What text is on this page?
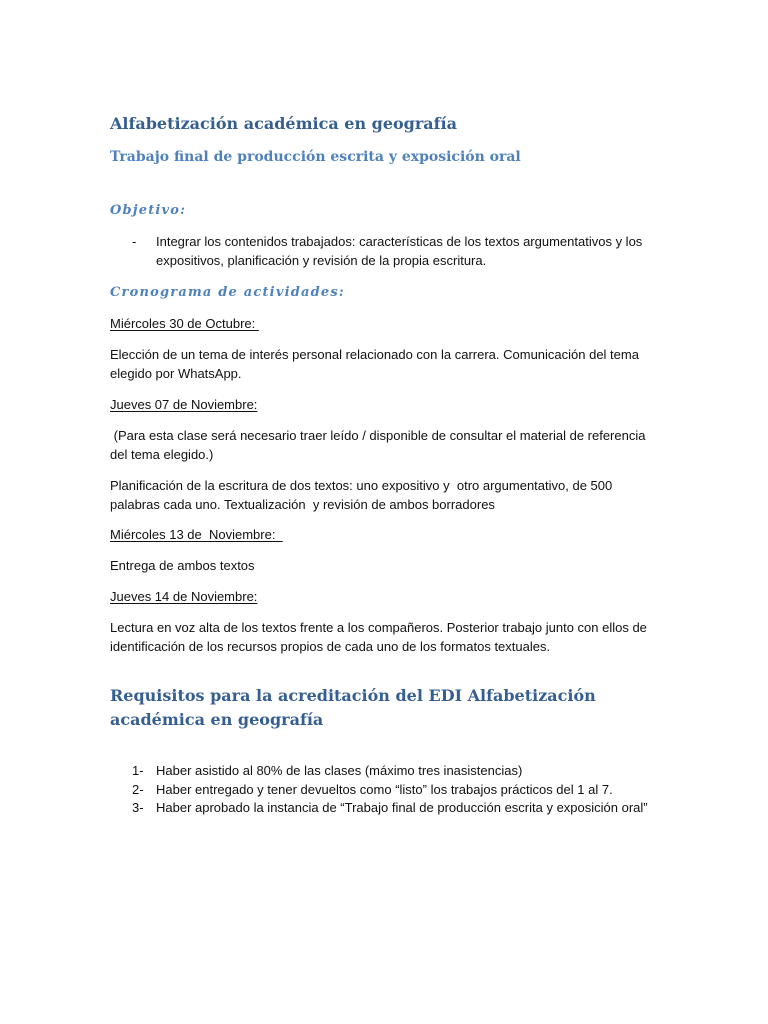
Alfabetización académica en geografía
Trabajo final de producción escrita y exposición oral
Objetivo:
- Integrar los contenidos trabajados: características de los textos argumentativos y los expositivos, planificación y revisión de la propia escritura.
Cronograma de actividades:

Miércoles 30 de Octubre:

Elección de un tema de interés personal relacionado con la carrera. Comunicación del tema elegido por WhatsApp.

Jueves 07 de Noviembre:

(Para esta clase será necesario traer leído / disponible de consultar el material de referencia del tema elegido.)

Planificación de la escritura de dos textos: uno expositivo y  otro argumentativo, de 500 palabras cada uno. Textualización  y revisión de ambos borradores

Miércoles 13 de  Noviembre:

Entrega de ambos textos

Jueves 14 de Noviembre:

Lectura en voz alta de los textos frente a los compañeros. Posterior trabajo junto con ellos de identificación de los recursos propios de cada uno de los formatos textuales.

Requisitos para la acreditación del EDI Alfabetización académica en geografía
1- Haber asistido al 80% de las clases (máximo tres inasistencias)
2- Haber entregado y tener devueltos como “listo” los trabajos prácticos del 1 al 7.
3- Haber aprobado la instancia de “Trabajo final de producción escrita y exposición oral”
